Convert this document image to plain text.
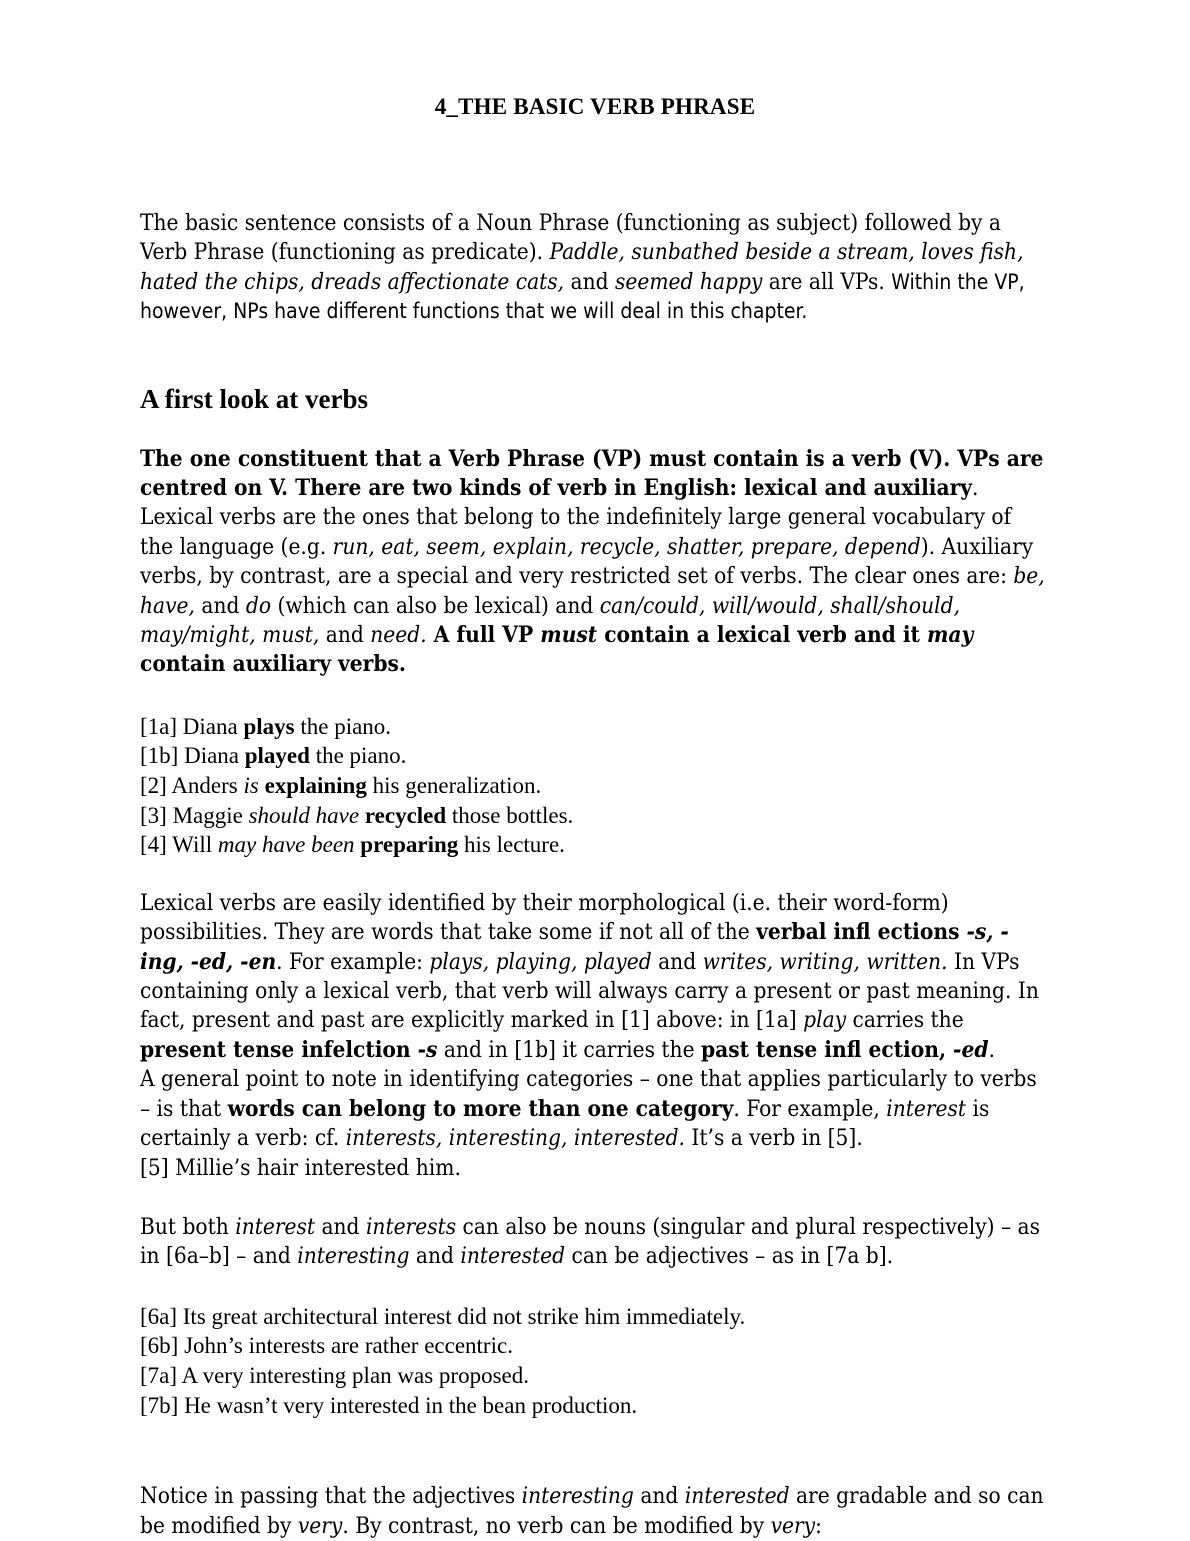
4_THE BASIC VERB PHRASE

The basic sentence consists of a Noun Phrase (functioning as subject) followed by a Verb Phrase (functioning as predicate). Paddle, sunbathed beside a stream, loves fish, hated the chips, dreads affectionate cats, and seemed happy are all VPs. Within the VP, however, NPs have different functions that we will deal in this chapter.

A first look at verbs

The one constituent that a Verb Phrase (VP) must contain is a verb (V). VPs are centred on V. There are two kinds of verb in English: lexical and auxiliary. Lexical verbs are the ones that belong to the indefinitely large general vocabulary of the language (e.g. run, eat, seem, explain, recycle, shatter, prepare, depend). Auxiliary verbs, by contrast, are a special and very restricted set of verbs. The clear ones are: be, have, and do (which can also be lexical) and can/could, will/would, shall/should, may/might, must, and need. A full VP must contain a lexical verb and it may contain auxiliary verbs.

[1a] Diana plays the piano.

[1b] Diana played the piano.

[2] Anders is explaining his generalization.

[3] Maggie should have recycled those bottles.

[4] Will may have been preparing his lecture.

Lexical verbs are easily identified by their morphological (i.e. their word-form) possibilities. They are words that take some if not all of the verbal infl ections -s, -ing, -ed, -en. For example: plays, playing, played and writes, writing, written. In VPs containing only a lexical verb, that verb will always carry a present or past meaning. In fact, present and past are explicitly marked in [1] above: in [1a] play carries the present tense infelction -s and in [1b] it carries the past tense infl ection, -ed.

A general point to note in identifying categories – one that applies particularly to verbs – is that words can belong to more than one category. For example, interest is certainly a verb: cf. interests, interesting, interested. It’s a verb in [5].

[5] Millie’s hair interested him.

But both interest and interests can also be nouns (singular and plural respectively) – as in [6a–b] – and interesting and interested can be adjectives – as in [7a b].

[6a] Its great architectural interest did not strike him immediately.

[6b] John’s interests are rather eccentric.

[7a] A very interesting plan was proposed.

[7b] He wasn’t very interested in the bean production.

Notice in passing that the adjectives interesting and interested are gradable and so can be modified by very. By contrast, no verb can be modified by very:
